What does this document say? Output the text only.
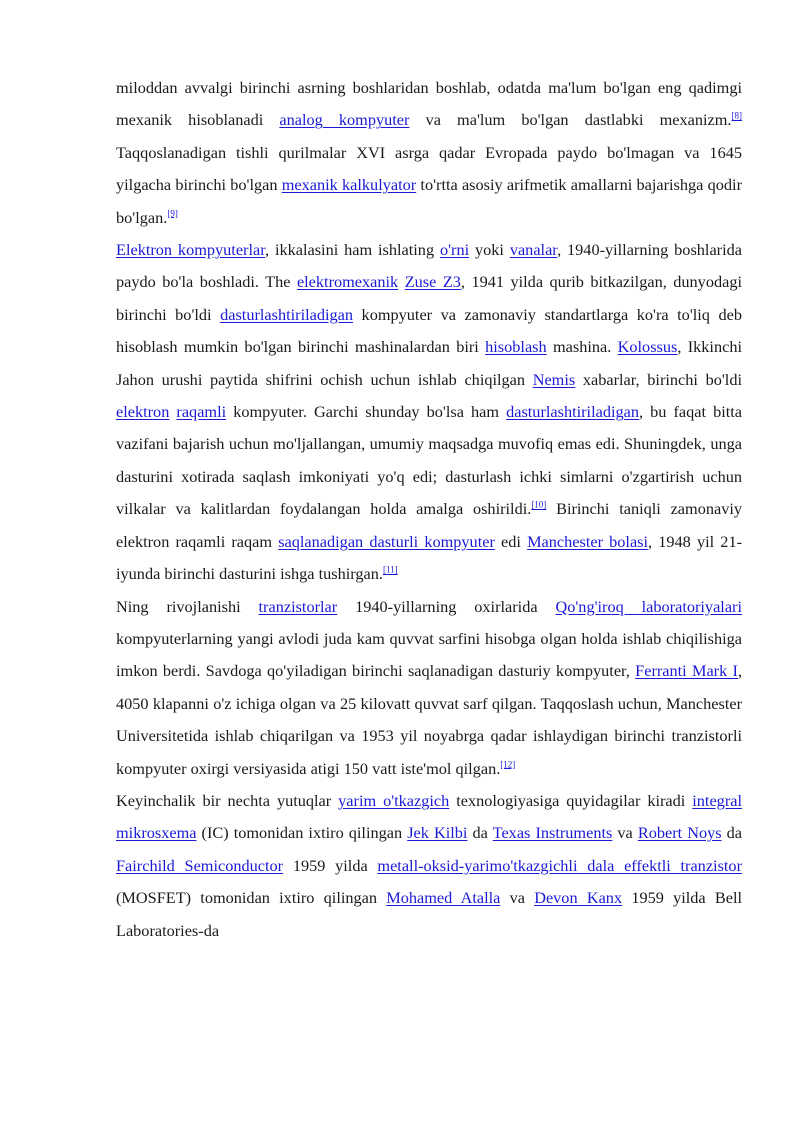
miloddan avvalgi birinchi asrning boshlaridan boshlab, odatda ma'lum bo'lgan eng qadimgi mexanik hisoblanadi analog kompyuter va ma'lum bo'lgan dastlabki mexanizm.[8] Taqqoslanadigan tishli qurilmalar XVI asrga qadar Evropada paydo bo'lmagan va 1645 yilgacha birinchi bo'lgan mexanik kalkulyator to'rtta asosiy arifmetik amallarni bajarishga qodir bo'lgan.[9]

Elektron kompyuterlar, ikkalasini ham ishlating o'rni yoki vanalar, 1940-yillarning boshlarida paydo bo'la boshladi. The elektromexanik Zuse Z3, 1941 yilda qurib bitkazilgan, dunyodagi birinchi bo'ldi dasturlashtiriladigan kompyuter va zamonaviy standartlarga ko'ra to'liq deb hisoblash mumkin bo'lgan birinchi mashinalardan biri hisoblash mashina. Kolossus, Ikkinchi Jahon urushi paytida shifrini ochish uchun ishlab chiqilgan Nemis xabarlar, birinchi bo'ldi elektron raqamli kompyuter. Garchi shunday bo'lsa ham dasturlashtiriladigan, bu faqat bitta vazifani bajarish uchun mo'ljallangan, umumiy maqsadga muvofiq emas edi. Shuningdek, unga dasturini xotirada saqlash imkoniyati yo'q edi; dasturlash ichki simlarni o'zgartirish uchun vilkalar va kalitlardan foydalangan holda amalga oshirildi.[10] Birinchi taniqli zamonaviy elektron raqamli raqam saqlanadigan dasturli kompyuter edi Manchester bolasi, 1948 yil 21-iyunda birinchi dasturini ishga tushirgan.[11]

Ning rivojlanishi tranzistorlar 1940-yillarning oxirlarida Qo'ng'iroq laboratoriyalari kompyuterlarning yangi avlodi juda kam quvvat sarfini hisobga olgan holda ishlab chiqilishiga imkon berdi. Savdoga qo'yiladigan birinchi saqlanadigan dasturiy kompyuter, Ferranti Mark I, 4050 klapanni o'z ichiga olgan va 25 kilovatt quvvat sarf qilgan. Taqqoslash uchun, Manchester Universitetida ishlab chiqarilgan va 1953 yil noyabrga qadar ishlaydigan birinchi tranzistorli kompyuter oxirgi versiyasida atigi 150 vatt iste'mol qilgan.[12]

Keyinchalik bir nechta yutuqlar yarim o'tkazgich texnologiyasiga quyidagilar kiradi integral mikrosxema (IC) tomonidan ixtiro qilingan Jek Kilbi da Texas Instruments va Robert Noys da Fairchild Semiconductor 1959 yilda metall-oksid-yarimo'tkazgichli dala effektli tranzistor (MOSFET) tomonidan ixtiro qilingan Mohamed Atalla va Devon Kanx 1959 yilda Bell Laboratories-da
